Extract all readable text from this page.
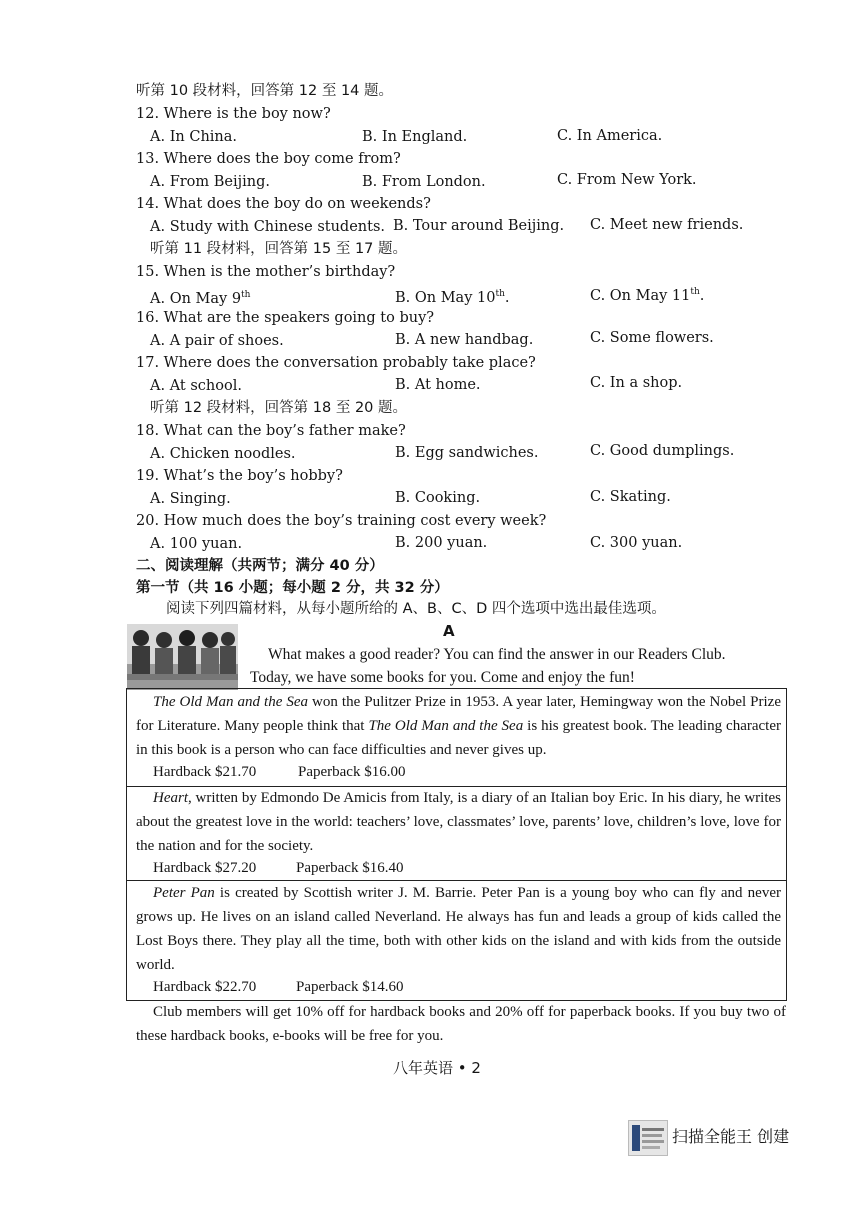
听第 10 段材料，回答第 12 至 14 题。
12. Where is the boy now?
A. In China.	B. In England.	C. In America.
13. Where does the boy come from?
A. From Beijing.	B. From London.	C. From New York.
14. What does the boy do on weekends?
A. Study with Chinese students. B. Tour around Beijing. C. Meet new friends.
听第 11 段材料，回答第 15 至 17 题。
15. When is the mother’s birthday?
A. On May 9th	B. On May 10th.	C. On May 11th.
16. What are the speakers going to buy?
A. A pair of shoes.	B. A new handbag.	C. Some flowers.
17. Where does the conversation probably take place?
A. At school.	B. At home.	C. In a shop.
听第 12 段材料，回答第 18 至 20 题。
18. What can the boy’s father make?
A. Chicken noodles.	B. Egg sandwiches.	C. Good dumplings.
19. What’s the boy’s hobby?
A. Singing.	B. Cooking.	C. Skating.
20. How much does the boy’s training cost every week?
A. 100 yuan.	B. 200 yuan.	C. 300 yuan.
二、阅读理解（共两节；满分 40 分）
第一节（共 16 小题；每小题 2 分，共 32 分）
阅读下列四篇材料，从每小题所给的 A、B、C、D 四个选项中选出最佳选项。
A
What makes a good reader? You can find the answer in our Readers Club.
Today, we have some books for you. Come and enjoy the fun!
The Old Man and the Sea won the Pulitzer Prize in 1953. A year later, Hemingway won the Nobel Prize for Literature. Many people think that The Old Man and the Sea is his greatest book. The leading character in this book is a person who can face difficulties and never gives up.
Hardback $21.70	Paperback $16.00
Heart, written by Edmondo De Amicis from Italy, is a diary of an Italian boy Eric. In his diary, he writes about the greatest love in the world: teachers’ love, classmates’ love, parents’ love, children’s love, love for the nation and for the society.
Hardback $27.20	Paperback $16.40
Peter Pan is created by Scottish writer J. M. Barrie. Peter Pan is a young boy who can fly and never grows up. He lives on an island called Neverland. He always has fun and leads a group of kids called the Lost Boys there. They play all the time, both with other kids on the island and with kids from the outside world.
Hardback $22.70	Paperback $14.60
Club members will get 10% off for hardback books and 20% off for paperback books. If you buy two of these hardback books, e-books will be free for you.
八年英语 • 2
扫描全能王 创建
